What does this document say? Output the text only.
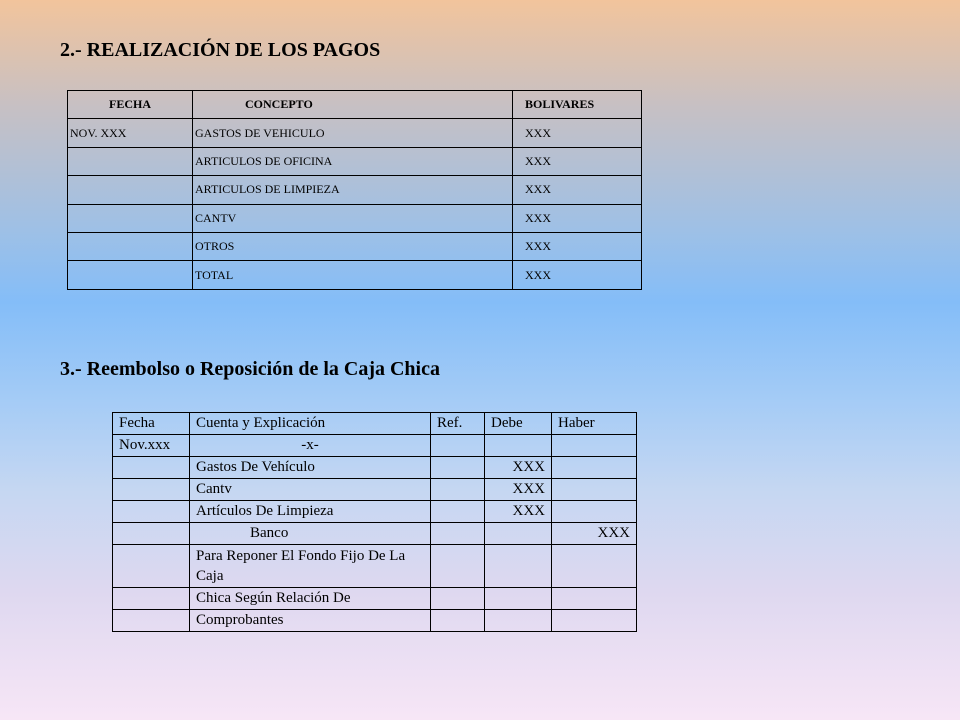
2.- REALIZACIÓN DE LOS PAGOS
FECHA	CONCEPTO	BOLIVARES
NOV. XXX	GASTOS DE VEHICULO	XXX
	ARTICULOS DE OFICINA	XXX
	ARTICULOS DE LIMPIEZA	XXX
	CANTV	XXX
	OTROS	XXX
	TOTAL	XXX
3.- Reembolso o Reposición de la Caja Chica
Fecha	Cuenta y Explicación	Ref.	Debe	Haber
Nov.xxx	-x-			
	Gastos De Vehículo		XXX	
	Cantv		XXX	
	Artículos De Limpieza		XXX	
	Banco			XXX
	Para Reponer El Fondo Fijo De La Caja			
	Chica Según Relación De			
	Comprobantes			
